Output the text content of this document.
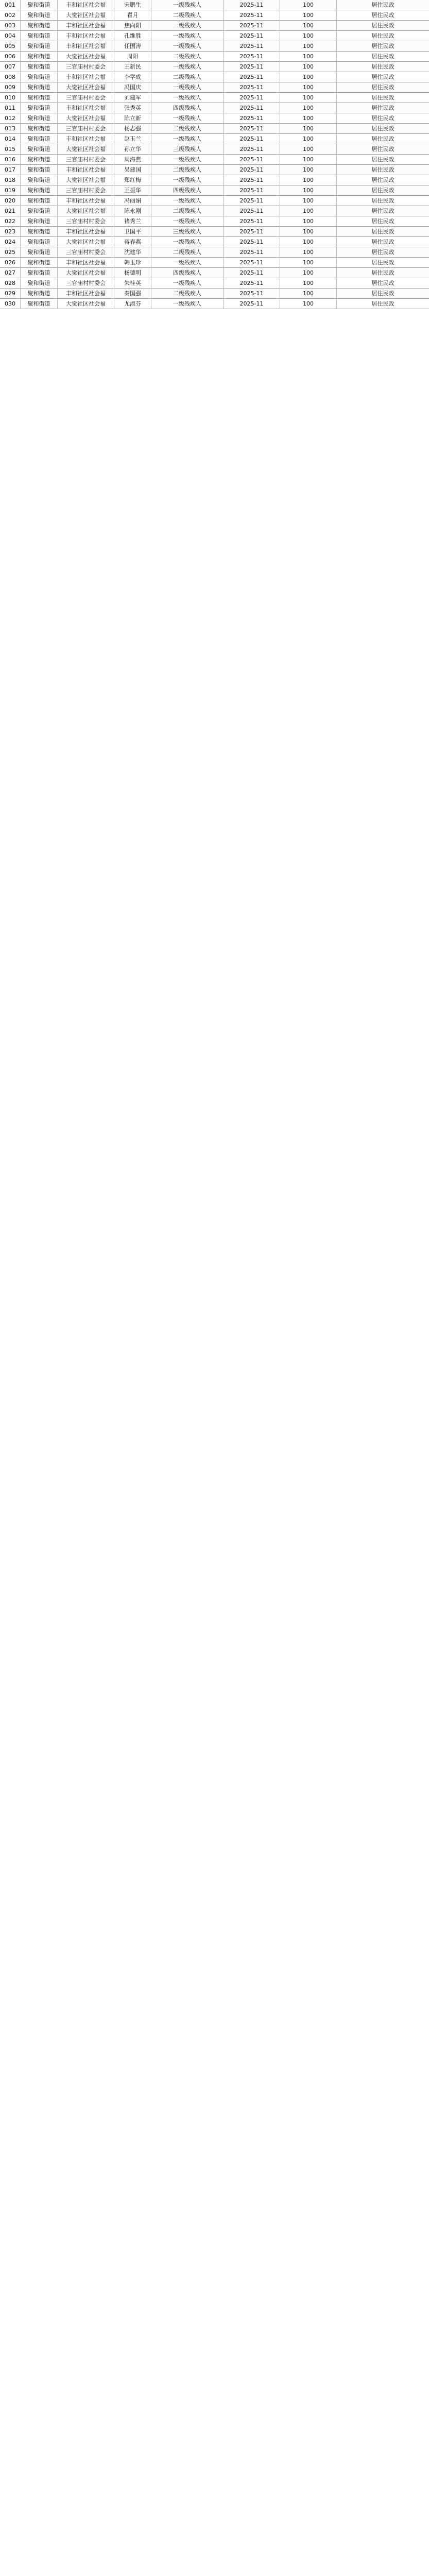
001	聚和街道	丰和社区社会福	宋鹏生	一级残疾人	2025-11	100	居住民政
002	聚和街道	大觉社区社会福	翟月	二级残疾人	2025-11	100	居住民政
003	聚和街道	丰和社区社会福	焦向阳	一级残疾人	2025-11	100	居住民政
004	聚和街道	丰和社区社会福	孔维胜	一级残疾人	2025-11	100	居住民政
005	聚和街道	丰和社区社会福	任国涛	一级残疾人	2025-11	100	居住民政
006	聚和街道	大觉社区社会福	周阳	二级残疾人	2025-11	100	居住民政
007	聚和街道	三官庙村村委会	王新民	一级残疾人	2025-11	100	居住民政
008	聚和街道	丰和社区社会福	李学成	二级残疾人	2025-11	100	居住民政
009	聚和街道	大觉社区社会福	冯国庆	一级残疾人	2025-11	100	居住民政
010	聚和街道	三官庙村村委会	刘建军	一级残疾人	2025-11	100	居住民政
011	聚和街道	丰和社区社会福	张秀英	四级残疾人	2025-11	100	居住民政
012	聚和街道	大觉社区社会福	陈立新	一级残疾人	2025-11	100	居住民政
013	聚和街道	三官庙村村委会	杨志强	二级残疾人	2025-11	100	居住民政
014	聚和街道	丰和社区社会福	赵玉兰	一级残疾人	2025-11	100	居住民政
015	聚和街道	大觉社区社会福	孙立华	三级残疾人	2025-11	100	居住民政
016	聚和街道	三官庙村村委会	周海燕	一级残疾人	2025-11	100	居住民政
017	聚和街道	丰和社区社会福	吴建国	二级残疾人	2025-11	100	居住民政
018	聚和街道	大觉社区社会福	郑红梅	一级残疾人	2025-11	100	居住民政
019	聚和街道	三官庙村村委会	王振华	四级残疾人	2025-11	100	居住民政
020	聚和街道	丰和社区社会福	冯丽娟	一级残疾人	2025-11	100	居住民政
021	聚和街道	大觉社区社会福	陈永刚	二级残疾人	2025-11	100	居住民政
022	聚和街道	三官庙村村委会	褚秀兰	一级残疾人	2025-11	100	居住民政
023	聚和街道	丰和社区社会福	卫国平	三级残疾人	2025-11	100	居住民政
024	聚和街道	大觉社区社会福	蒋春燕	一级残疾人	2025-11	100	居住民政
025	聚和街道	三官庙村村委会	沈建华	二级残疾人	2025-11	100	居住民政
026	聚和街道	丰和社区社会福	韩玉珍	一级残疾人	2025-11	100	居住民政
027	聚和街道	大觉社区社会福	杨德明	四级残疾人	2025-11	100	居住民政
028	聚和街道	三官庙村村委会	朱桂英	一级残疾人	2025-11	100	居住民政
029	聚和街道	丰和社区社会福	秦国强	二级残疾人	2025-11	100	居住民政
030	聚和街道	大觉社区社会福	尤淑芬	一级残疾人	2025-11	100	居住民政
